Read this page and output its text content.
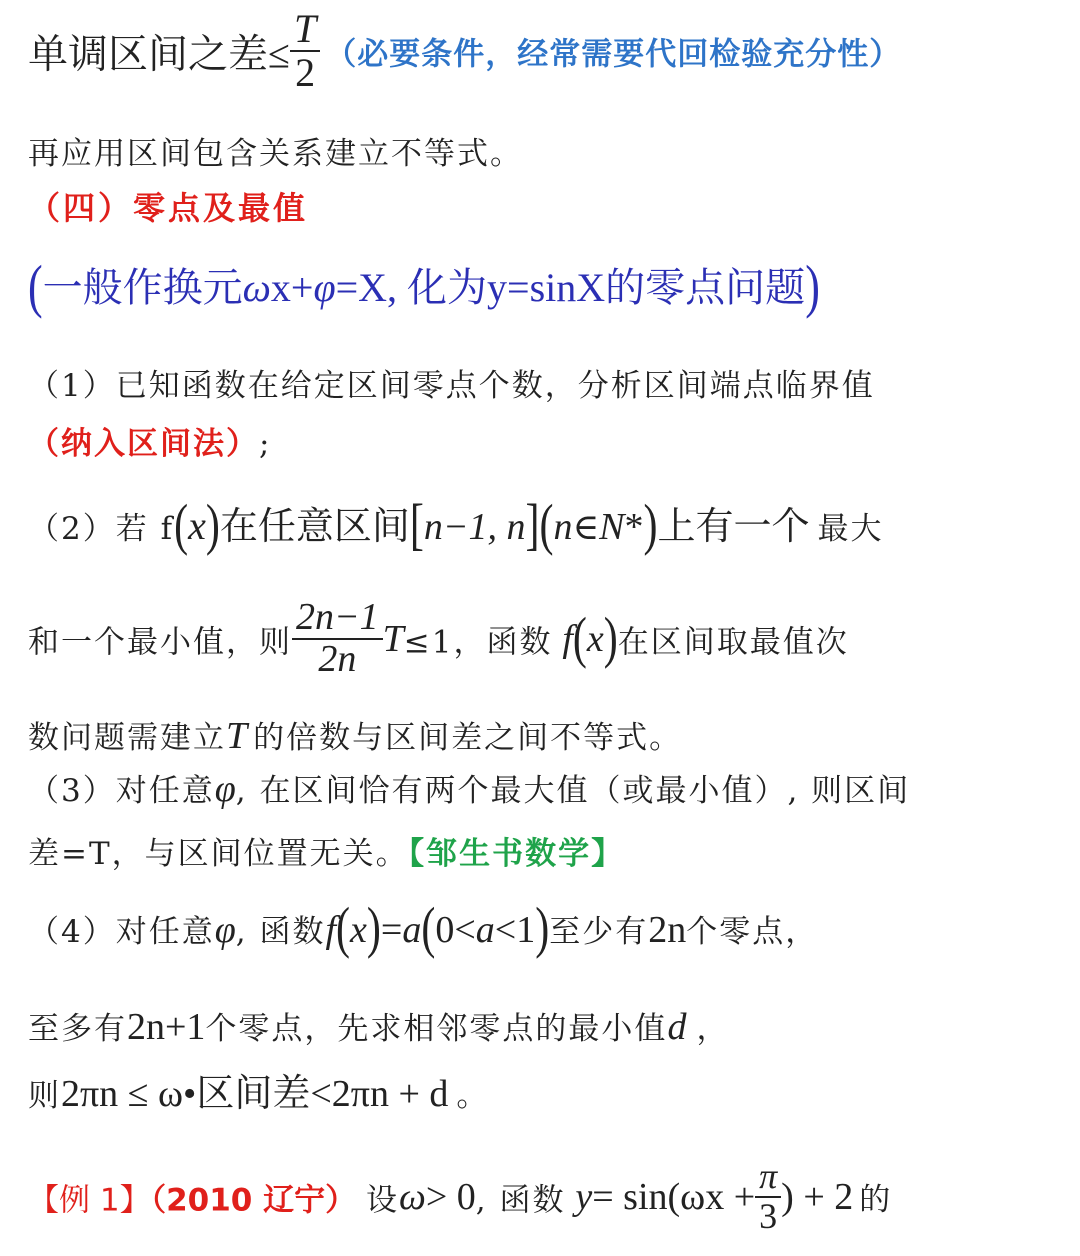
单调区间之差≤ $\frac{T}{2}$ （必要条件，经常需要代回检验充分性）
再应用区间包含关系建立不等式。
（四）零点及最值
(一般作换元ωx+φ=X, 化为y=sinX的零点问题)
（1）已知函数在给定区间零点个数，分析区间端点临界值
（纳入区间法）;
（2）若 f(x)在任意区间[n−1, n](n∈N*)上有一个 最大
和一个最小值，则 $\frac{2n-1}{2n} T\le 1$，函数 f(x)在区间取最值次
数问题需建立T 的倍数与区间差之间不等式。
（3）对任意φ, 在区间恰有两个最大值（或最小值）, 则区间
差=T，与区间位置无关。【邹生书数学】
（4）对任意φ, 函数f(x)=a(0<a<1)至少有2n个零点，
至多有2n+1个零点，先求相邻零点的最小值d ，
则2πn ≤ ω•区间差<2πn + d 。
【例 1】（2010 辽宁） 设ω> 0, 函数 $y= \sin(\omega x + \frac{\pi}{3}$ ) + 2 的
